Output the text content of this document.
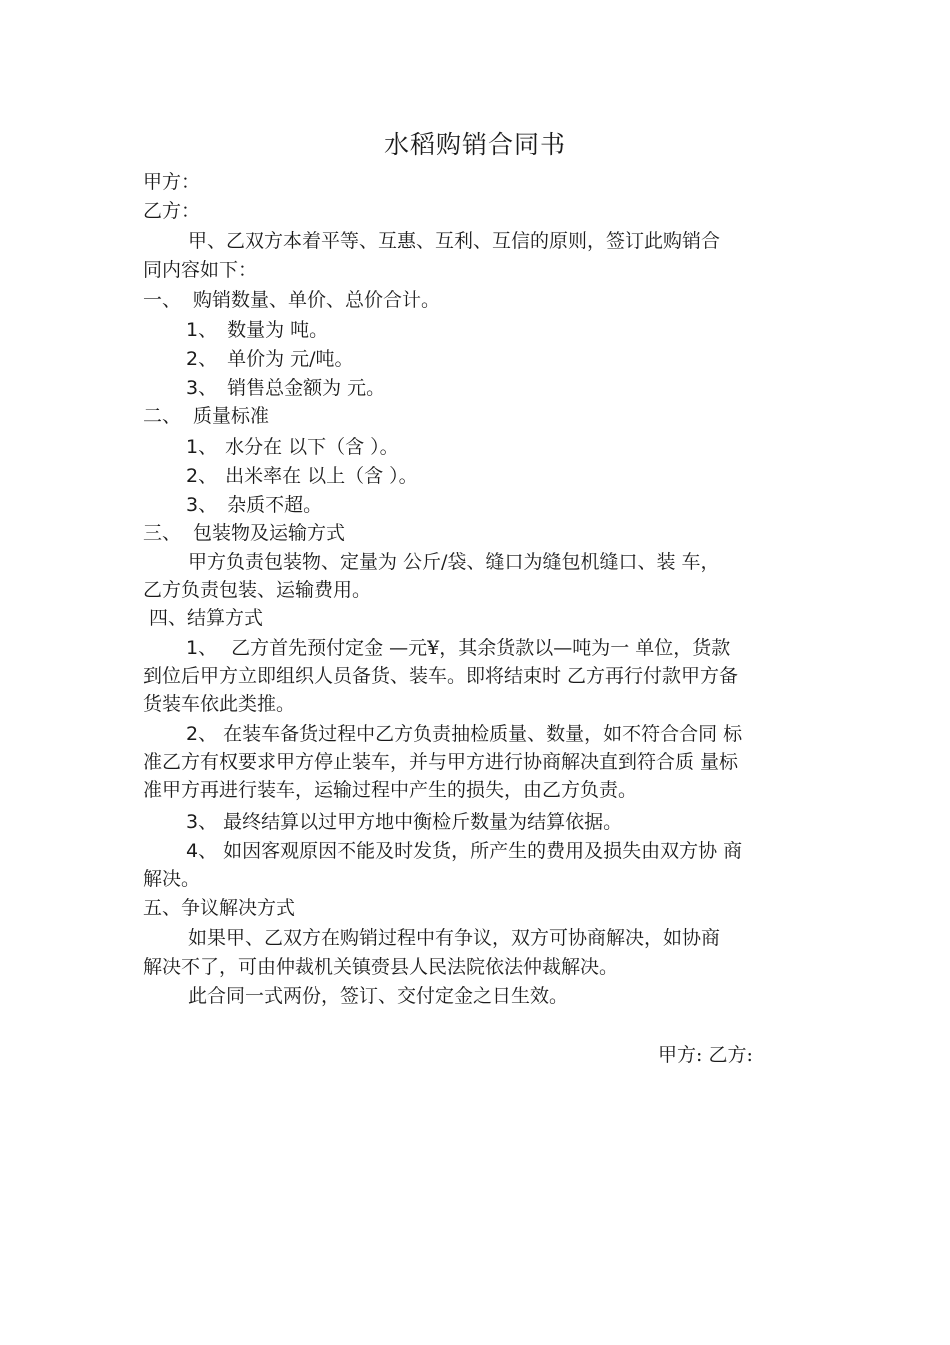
水稻购销合同书
甲方：
乙方：
甲、乙双方本着平等、互惠、互利、互信的原则，签订此购销合
同内容如下：
一、 购销数量、单价、总价合计。
1、 数量为 吨。
2、 单价为 元/吨。
3、 销售总金额为 元。
二、 质量标准
1、 水分在 以下（含 ）。
2、 出米率在 以上（含 ）。
3、 杂质不超。
三、 包装物及运输方式
甲方负责包装物、定量为 公斤/袋、缝口为缝包机缝口、装 车，
乙方负责包装、运输费用。
四、结算方式
1、 乙方首先预付定金 —元¥，其余货款以—吨为一 单位，货款
到位后甲方立即组织人员备货、装车。即将结束时 乙方再行付款甲方备
货装车依此类推。
2、 在装车备货过程中乙方负责抽检质量、数量，如不符合合同 标
准乙方有权要求甲方停止装车，并与甲方进行协商解决直到符合质 量标
准甲方再进行装车，运输过程中产生的损失，由乙方负责。
3、 最终结算以过甲方地中衡检斤数量为结算依据。
4、 如因客观原因不能及时发货，所产生的费用及损失由双方协 商
解决。
五、争议解决方式
如果甲、乙双方在购销过程中有争议，双方可协商解决，如协商
解决不了，可由仲裁机关镇赍县人民法院依法仲裁解决。
此合同一式两份，签订、交付定金之日生效。
甲方: 乙方:
